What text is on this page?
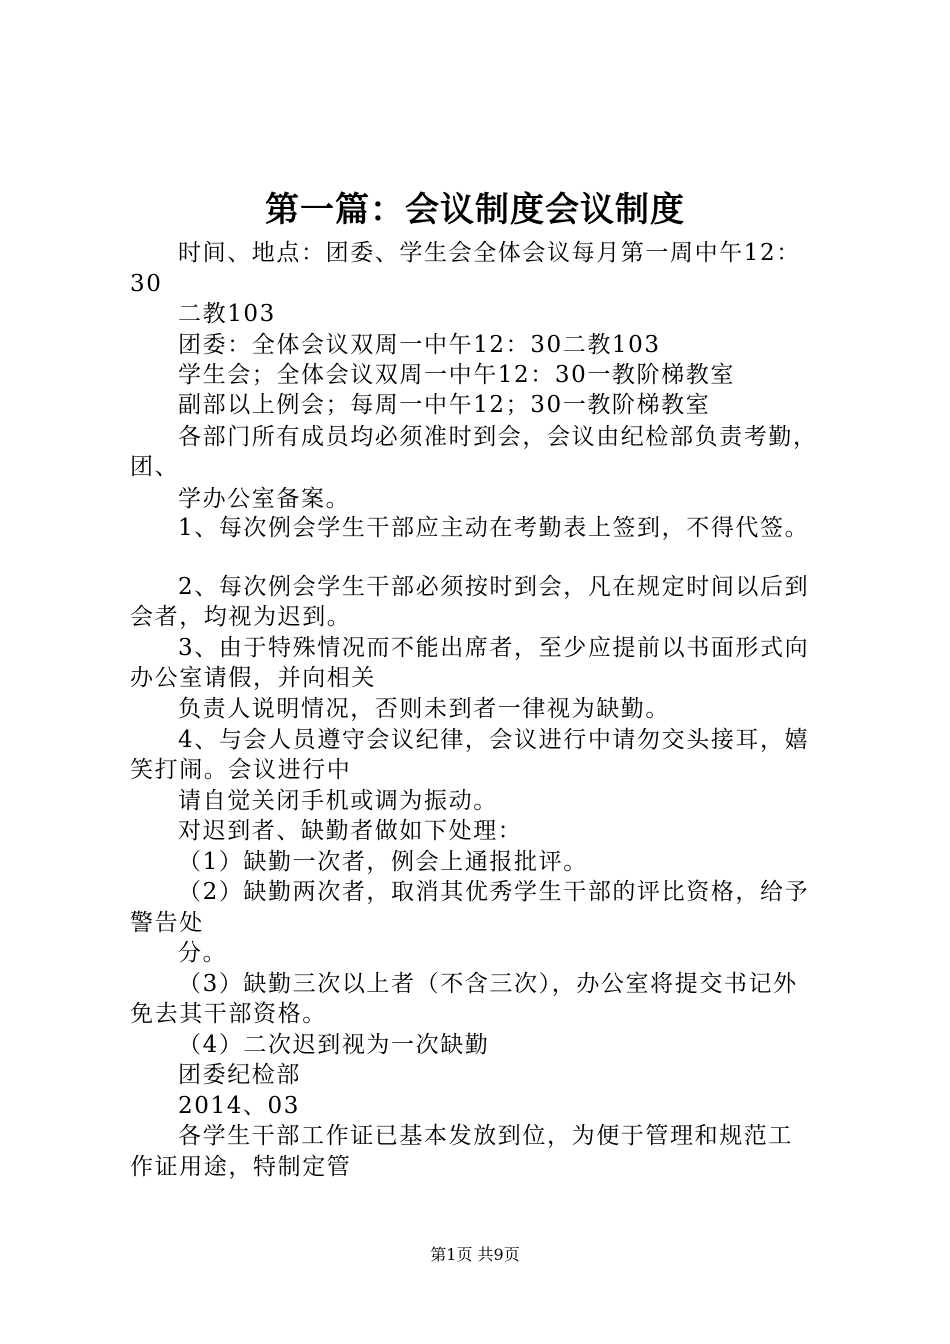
第一篇：会议制度会议制度
时间、地点：团委、学生会全体会议每月第一周中午12：
30
二教103
团委：全体会议双周一中午12：30二教103
学生会；全体会议双周一中午12：30一教阶梯教室
副部以上例会；每周一中午12；30一教阶梯教室
各部门所有成员均必须准时到会，会议由纪检部负责考勤，
团、
学办公室备案。
1、每次例会学生干部应主动在考勤表上签到，不得代签。
2、每次例会学生干部必须按时到会，凡在规定时间以后到
会者，均视为迟到。
3、由于特殊情况而不能出席者，至少应提前以书面形式向
办公室请假，并向相关
负责人说明情况，否则未到者一律视为缺勤。
4、与会人员遵守会议纪律，会议进行中请勿交头接耳，嬉
笑打闹。会议进行中
请自觉关闭手机或调为振动。
对迟到者、缺勤者做如下处理：
（1）缺勤一次者，例会上通报批评。
（2）缺勤两次者，取消其优秀学生干部的评比资格，给予
警告处
分。
（3）缺勤三次以上者（不含三次），办公室将提交书记外
免去其干部资格。
（4）二次迟到视为一次缺勤
团委纪检部
2014、03
各学生干部工作证已基本发放到位，为便于管理和规范工
作证用途，特制定管
第1页 共9页
